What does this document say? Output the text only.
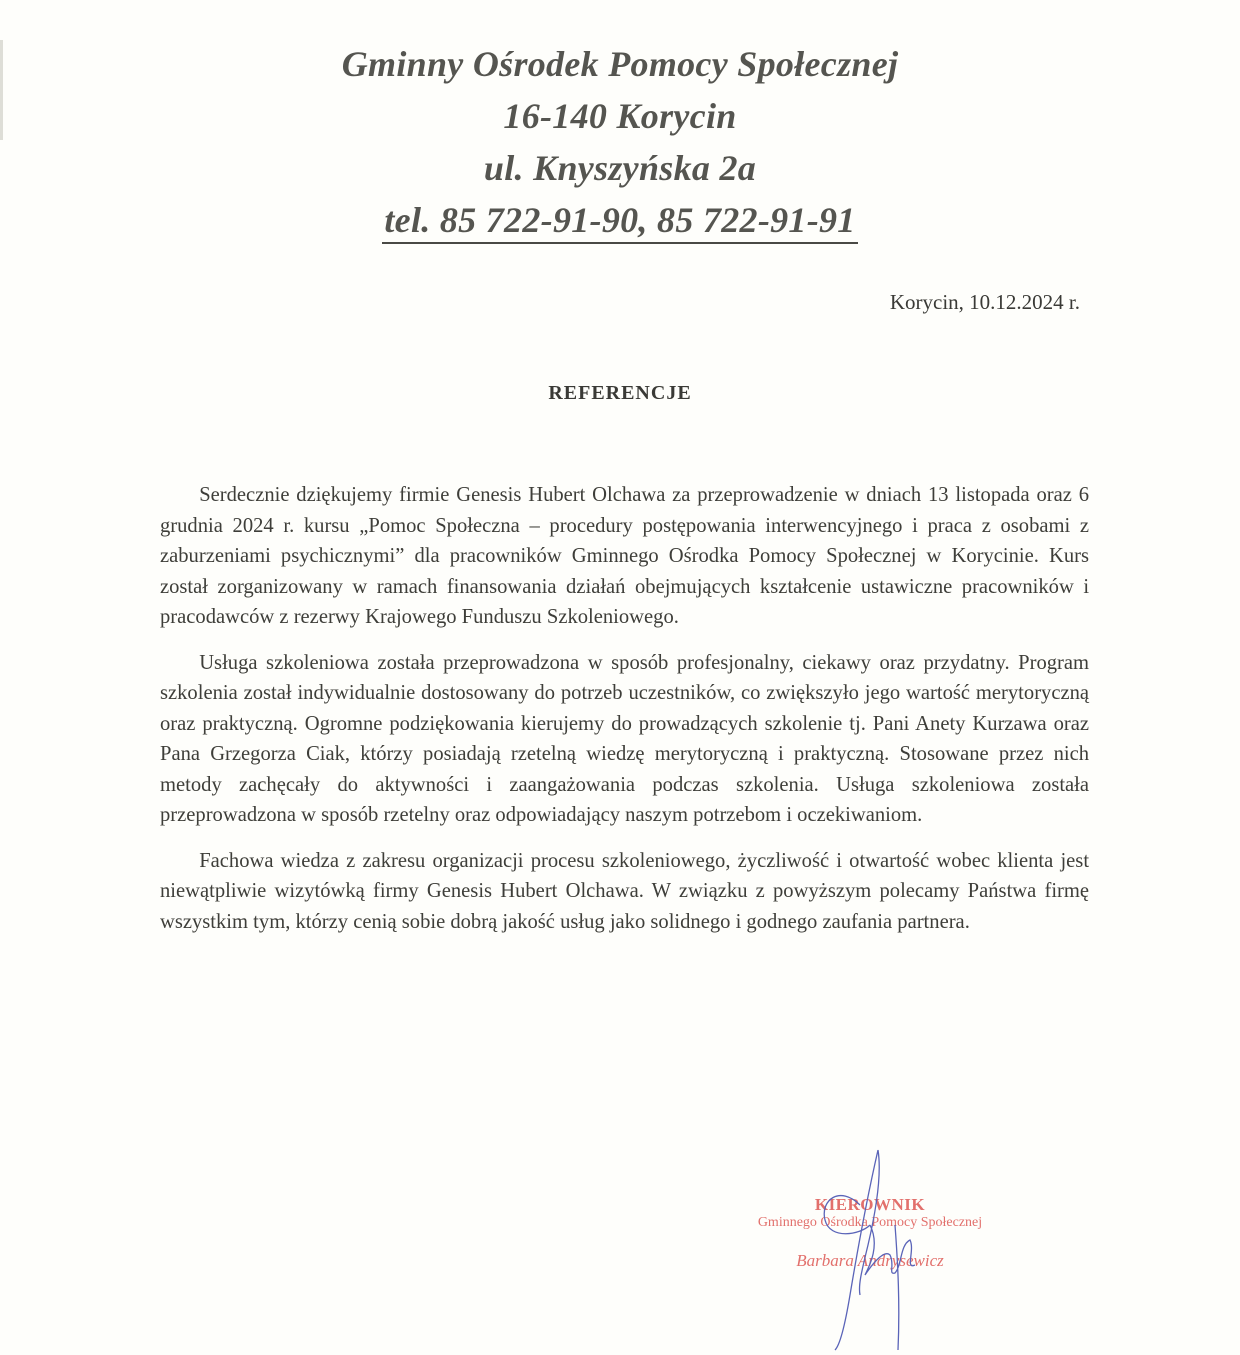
Gminny Ośrodek Pomocy Społecznej
16-140 Korycin
ul. Knyszyńska 2a
tel. 85 722-91-90, 85 722-91-91
Korycin, 10.12.2024 r.
REFERENCJE

Serdecznie dziękujemy firmie Genesis Hubert Olchawa za przeprowadzenie w dniach 13 listopada oraz 6 grudnia 2024 r. kursu „Pomoc Społeczna – procedury postępowania interwencyjnego i praca z osobami z zaburzeniami psychicznymi” dla pracowników Gminnego Ośrodka Pomocy Społecznej w Korycinie. Kurs został zorganizowany w ramach finansowania działań obejmujących kształcenie ustawiczne pracowników i pracodawców z rezerwy Krajowego Funduszu Szkoleniowego.

Usługa szkoleniowa została przeprowadzona w sposób profesjonalny, ciekawy oraz przydatny. Program szkolenia został indywidualnie dostosowany do potrzeb uczestników, co zwiększyło jego wartość merytoryczną oraz praktyczną. Ogromne podziękowania kierujemy do prowadzących szkolenie tj. Pani Anety Kurzawa oraz Pana Grzegorza Ciak, którzy posiadają rzetelną wiedzę merytoryczną i praktyczną. Stosowane przez nich metody zachęcały do aktywności i zaangażowania podczas szkolenia. Usługa szkoleniowa została przeprowadzona w sposób rzetelny oraz odpowiadający naszym potrzebom i oczekiwaniom.

Fachowa wiedza z zakresu organizacji procesu szkoleniowego, życzliwość i otwartość wobec klienta jest niewątpliwie wizytówką firmy Genesis Hubert Olchawa. W związku z powyższym polecamy Państwa firmę wszystkim tym, którzy cenią sobie dobrą jakość usług jako solidnego i godnego zaufania partnera.

KIEROWNIK
Gminnego Ośrodka Pomocy Społecznej
Barbara Andrysewicz
